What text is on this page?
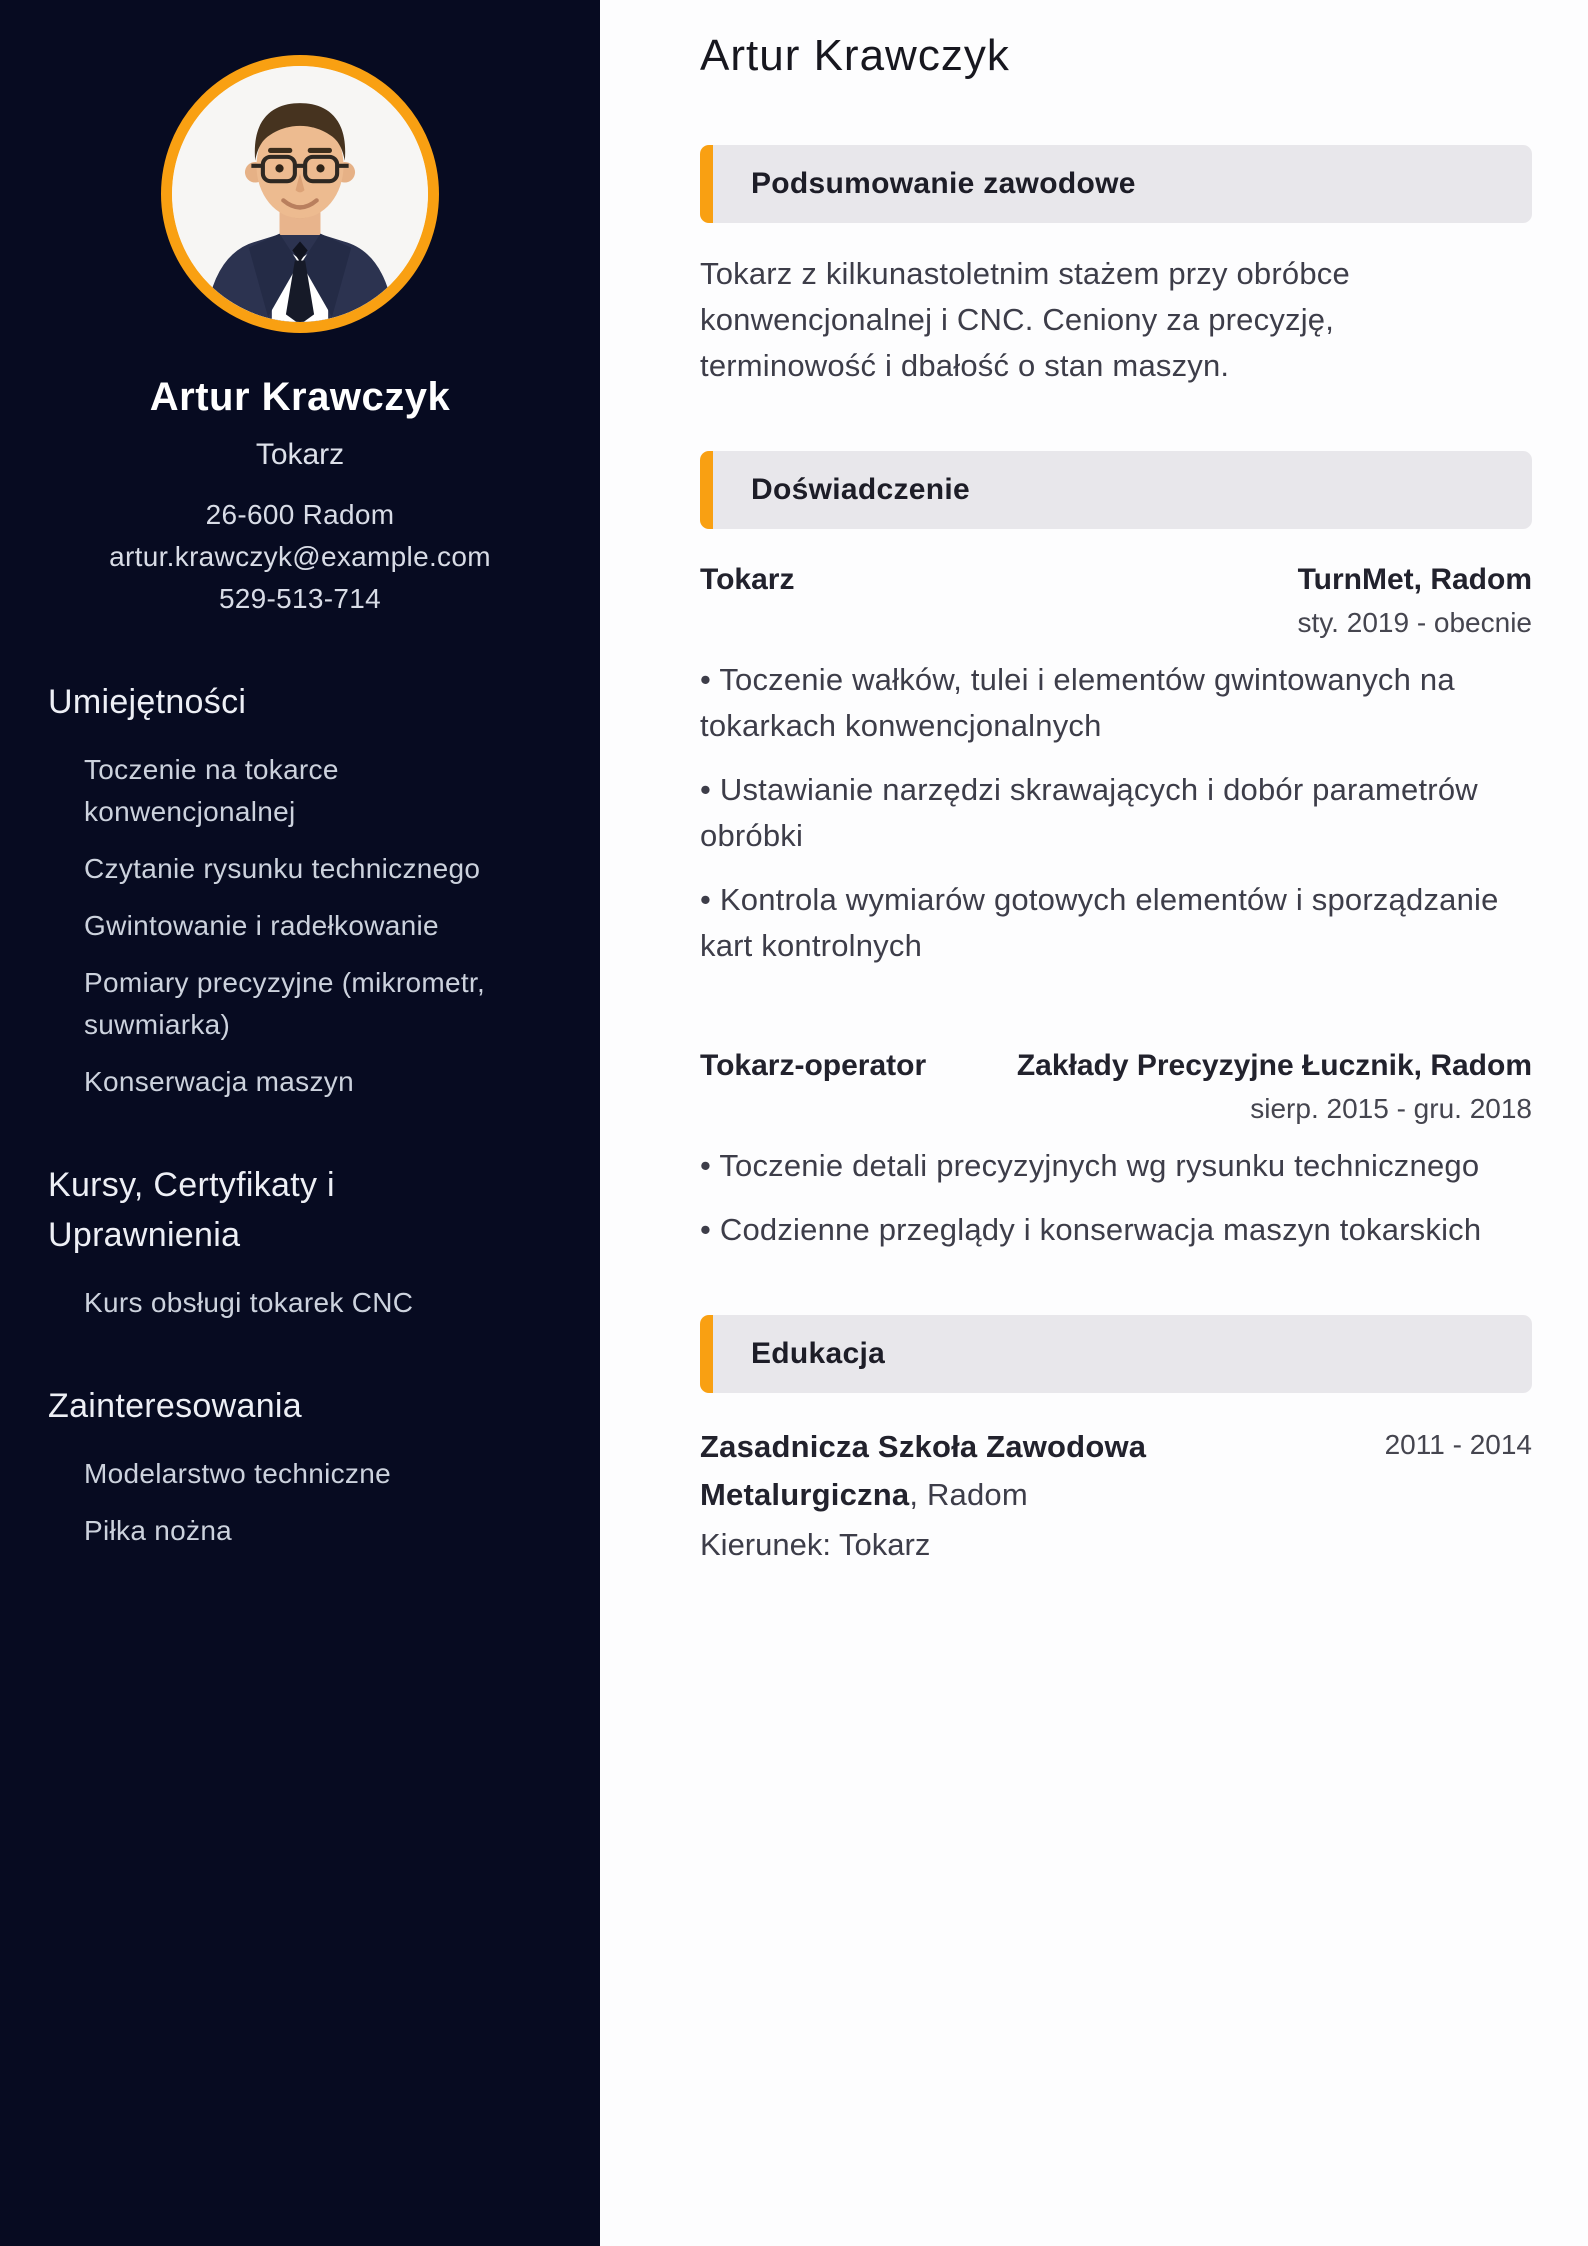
Artur Krawczyk
Tokarz
26-600 Radom
artur.krawczyk@example.com
529-513-714
Umiejętności
Toczenie na tokarce konwencjonalnej
Czytanie rysunku technicznego
Gwintowanie i radełkowanie
Pomiary precyzyjne (mikrometr, suwmiarka)
Konserwacja maszyn
Kursy, Certyfikaty i Uprawnienia
Kurs obsługi tokarek CNC
Zainteresowania
Modelarstwo techniczne
Piłka nożna
Artur Krawczyk
Podsumowanie zawodowe

Tokarz z kilkunastoletnim stażem przy obróbce konwencjonalnej i CNC. Ceniony za precyzję, terminowość i dbałość o stan maszyn.

Doświadczenie
Tokarz	TurnMet, Radom
sty. 2019 - obecnie

• Toczenie wałków, tulei i elementów gwintowanych na tokarkach konwencjonalnych

• Ustawianie narzędzi skrawających i dobór parametrów obróbki

• Kontrola wymiarów gotowych elementów i sporządzanie kart kontrolnych

Tokarz-operator	Zakłady Precyzyjne Łucznik, Radom
sierp. 2015 - gru. 2018

• Toczenie detali precyzyjnych wg rysunku technicznego

• Codzienne przeglądy i konserwacja maszyn tokarskich

Edukacja
Zasadnicza Szkoła Zawodowa Metalurgiczna, Radom
2011 - 2014
Kierunek: Tokarz
